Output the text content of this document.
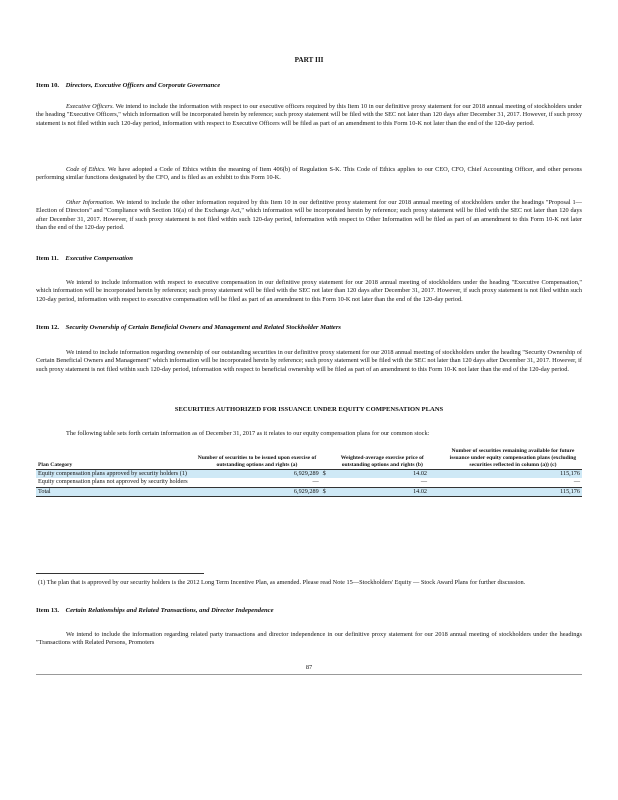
PART III
Item 10. Directors, Executive Officers and Corporate Governance

Executive Officers. We intend to include the information with respect to our executive officers required by this Item 10 in our definitive proxy statement for our 2018 annual meeting of stockholders under the heading "Executive Officers," which information will be incorporated herein by reference; such proxy statement will be filed with the SEC not later than 120 days after December 31, 2017. However, if such proxy statement is not filed within such 120-day period, information with respect to Executive Officers will be filed as part of an amendment to this Form 10-K not later than the end of the 120-day period.

Code of Ethics. We have adopted a Code of Ethics within the meaning of Item 406(b) of Regulation S-K. This Code of Ethics applies to our CEO, CFO, Chief Accounting Officer, and other persons performing similar functions designated by the CFO, and is filed as an exhibit to this Form 10-K.

Other Information. We intend to include the other information required by this Item 10 in our definitive proxy statement for our 2018 annual meeting of stockholders under the headings "Proposal 1—Election of Directors" and "Compliance with Section 16(a) of the Exchange Act," which information will be incorporated herein by reference; such proxy statement will be filed with the SEC not later than 120 days after December 31, 2017. However, if such proxy statement is not filed within such 120-day period, information with respect to Other Information will be filed as part of an amendment to this Form 10-K not later than the end of the 120-day period.

Item 11. Executive Compensation

We intend to include information with respect to executive compensation in our definitive proxy statement for our 2018 annual meeting of stockholders under the heading "Executive Compensation," which information will be incorporated herein by reference; such proxy statement will be filed with the SEC not later than 120 days after December 31, 2017. However, if such proxy statement is not filed within such 120-day period, information with respect to executive compensation will be filed as part of an amendment to this Form 10-K not later than the end of the 120-day period.

Item 12. Security Ownership of Certain Beneficial Owners and Management and Related Stockholder Matters

We intend to include information regarding ownership of our outstanding securities in our definitive proxy statement for our 2018 annual meeting of stockholders under the heading "Security Ownership of Certain Beneficial Owners and Management" which information will be incorporated herein by reference; such proxy statement will be filed with the SEC not later than 120 days after December 31, 2017. However, if such proxy statement is not filed within such 120-day period, information with respect to beneficial ownership will be filed as part of an amendment to this Form 10-K not later than the end of the 120-day period.

SECURITIES AUTHORIZED FOR ISSUANCE UNDER EQUITY COMPENSATION PLANS

The following table sets forth certain information as of December 31, 2017 as it relates to our equity compensation plans for our common stock:

Plan Category	Number of securities to be issued upon exercise of outstanding options and rights (a)		Weighted-average exercise price of outstanding options and rights (b)		Number of securities remaining available for future issuance under equity compensation plans (excluding securities reflected in column (a)) (c)
Equity compensation plans approved by security holders (1)	6,929,289	$	14.02		115,176
Equity compensation plans not approved by security holders	—		—		—
Total	6,929,289	$	14.02		115,176

(1) The plan that is approved by our security holders is the 2012 Long Term Incentive Plan, as amended. Please read Note 15—Stockholders' Equity — Stock Award Plans for further discussion.

Item 13. Certain Relationships and Related Transactions, and Director Independence

We intend to include the information regarding related party transactions and director independence in our definitive proxy statement for our 2018 annual meeting of stockholders under the headings "Transactions with Related Persons, Promoters

87
